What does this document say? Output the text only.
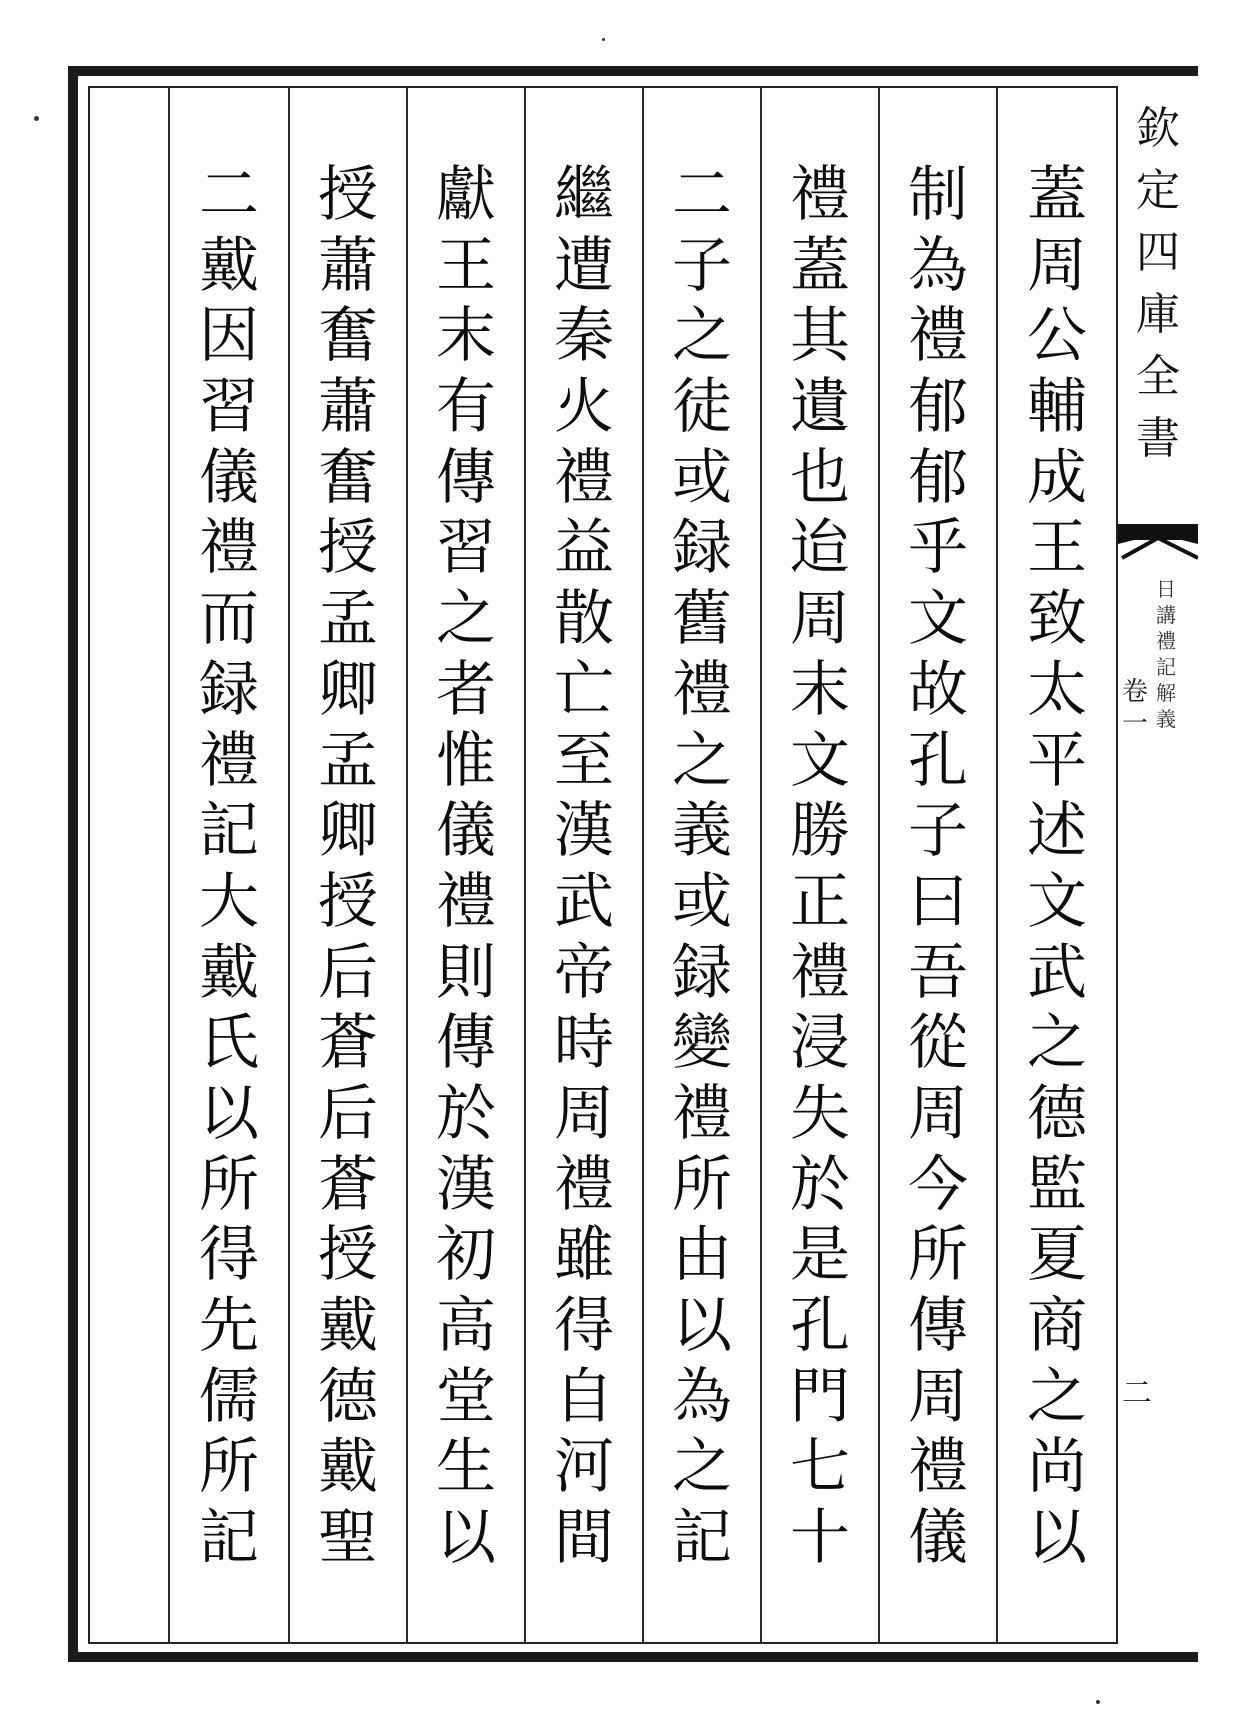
蓋
周
公
輔
成
王
致
太
平
述
文
武
之
德
監
夏
商
之
尚
以
制
為
禮
郁
郁
乎
文
故
孔
子
曰
吾
從
周
今
所
傳
周
禮
儀
禮
蓋
其
遺
也
迨
周
末
文
勝
正
禮
浸
失
於
是
孔
門
七
十
二
子
之
徒
或
録
舊
禮
之
義
或
録
變
禮
所
由
以
為
之
記
繼
遭
秦
火
禮
益
散
亡
至
漢
武
帝
時
周
禮
雖
得
自
河
間
獻
王
末
有
傳
習
之
者
惟
儀
禮
則
傳
於
漢
初
高
堂
生
以
授
蕭
奮
蕭
奮
授
孟
卿
孟
卿
授
后
蒼
后
蒼
授
戴
德
戴
聖
二
戴
因
習
儀
禮
而
録
禮
記
大
戴
氏
以
所
得
先
儒
所
記
欽
定
四
庫
全
書
日
講
禮
記
解
義
卷
一
二
